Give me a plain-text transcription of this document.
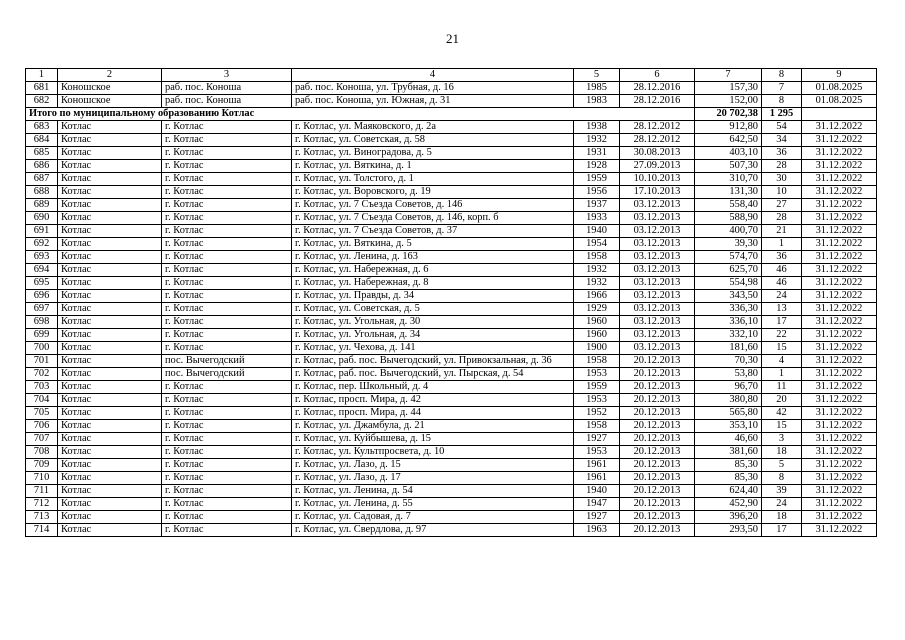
21
1	2	3	4	5	6	7	8	9
681	Коношское	раб. пос. Коноша	раб. пос. Коноша, ул. Трубная, д. 16	1985	28.12.2016	157,30	7	01.08.2025
682	Коношское	раб. пос. Коноша	раб. пос. Коноша, ул. Южная, д. 31	1983	28.12.2016	152,00	8	01.08.2025
Итого по муниципальному образованию Котлас						20 702,38	1 295	
683	Котлас	г. Котлас	г. Котлас, ул. Маяковского, д. 2а	1938	28.12.2012	912,80	54	31.12.2022
684	Котлас	г. Котлас	г. Котлас, ул. Советская, д. 58	1932	28.12.2012	642,50	34	31.12.2022
685	Котлас	г. Котлас	г. Котлас, ул. Виноградова, д. 5	1931	30.08.2013	403,10	36	31.12.2022
686	Котлас	г. Котлас	г. Котлас, ул. Вяткина, д. 1	1928	27.09.2013	507,30	28	31.12.2022
687	Котлас	г. Котлас	г. Котлас, ул. Толстого, д. 1	1959	10.10.2013	310,70	30	31.12.2022
688	Котлас	г. Котлас	г. Котлас, ул. Воровского, д. 19	1956	17.10.2013	131,30	10	31.12.2022
689	Котлас	г. Котлас	г. Котлас, ул. 7 Съезда Советов, д. 146	1937	03.12.2013	558,40	27	31.12.2022
690	Котлас	г. Котлас	г. Котлас, ул. 7 Съезда Советов, д. 146, корп. б	1933	03.12.2013	588,90	28	31.12.2022
691	Котлас	г. Котлас	г. Котлас, ул. 7 Съезда Советов, д. 37	1940	03.12.2013	400,70	21	31.12.2022
692	Котлас	г. Котлас	г. Котлас, ул. Вяткина, д. 5	1954	03.12.2013	39,30	1	31.12.2022
693	Котлас	г. Котлас	г. Котлас, ул. Ленина, д. 163	1958	03.12.2013	574,70	36	31.12.2022
694	Котлас	г. Котлас	г. Котлас, ул. Набережная, д. 6	1932	03.12.2013	625,70	46	31.12.2022
695	Котлас	г. Котлас	г. Котлас, ул. Набережная, д. 8	1932	03.12.2013	554,98	46	31.12.2022
696	Котлас	г. Котлас	г. Котлас, ул. Правды, д. 34	1966	03.12.2013	343,50	24	31.12.2022
697	Котлас	г. Котлас	г. Котлас, ул. Советская, д. 5	1929	03.12.2013	336,30	13	31.12.2022
698	Котлас	г. Котлас	г. Котлас, ул. Угольная, д. 30	1960	03.12.2013	336,10	17	31.12.2022
699	Котлас	г. Котлас	г. Котлас, ул. Угольная, д. 34	1960	03.12.2013	332,10	22	31.12.2022
700	Котлас	г. Котлас	г. Котлас, ул. Чехова, д. 141	1900	03.12.2013	181,60	15	31.12.2022
701	Котлас	пос. Вычегодский	г. Котлас, раб. пос. Вычегодский, ул. Привокзальная, д. 36	1958	20.12.2013	70,30	4	31.12.2022
702	Котлас	пос. Вычегодский	г. Котлас, раб. пос. Вычегодский, ул. Пырская, д. 54	1953	20.12.2013	53,80	1	31.12.2022
703	Котлас	г. Котлас	г. Котлас, пер. Школьный, д. 4	1959	20.12.2013	96,70	11	31.12.2022
704	Котлас	г. Котлас	г. Котлас, просп. Мира, д. 42	1953	20.12.2013	380,80	20	31.12.2022
705	Котлас	г. Котлас	г. Котлас, просп. Мира, д. 44	1952	20.12.2013	565,80	42	31.12.2022
706	Котлас	г. Котлас	г. Котлас, ул. Джамбула, д. 21	1958	20.12.2013	353,10	15	31.12.2022
707	Котлас	г. Котлас	г. Котлас, ул. Куйбышева, д. 15	1927	20.12.2013	46,60	3	31.12.2022
708	Котлас	г. Котлас	г. Котлас, ул. Культпросвета, д. 10	1953	20.12.2013	381,60	18	31.12.2022
709	Котлас	г. Котлас	г. Котлас, ул. Лазо, д. 15	1961	20.12.2013	85,30	5	31.12.2022
710	Котлас	г. Котлас	г. Котлас, ул. Лазо, д. 17	1961	20.12.2013	85,30	8	31.12.2022
711	Котлас	г. Котлас	г. Котлас, ул. Ленина, д. 54	1940	20.12.2013	624,40	39	31.12.2022
712	Котлас	г. Котлас	г. Котлас, ул. Ленина, д. 55	1947	20.12.2013	452,90	24	31.12.2022
713	Котлас	г. Котлас	г. Котлас, ул. Садовая, д. 7	1927	20.12.2013	396,20	18	31.12.2022
714	Котлас	г. Котлас	г. Котлас, ул. Свердлова, д. 97	1963	20.12.2013	293,50	17	31.12.2022
